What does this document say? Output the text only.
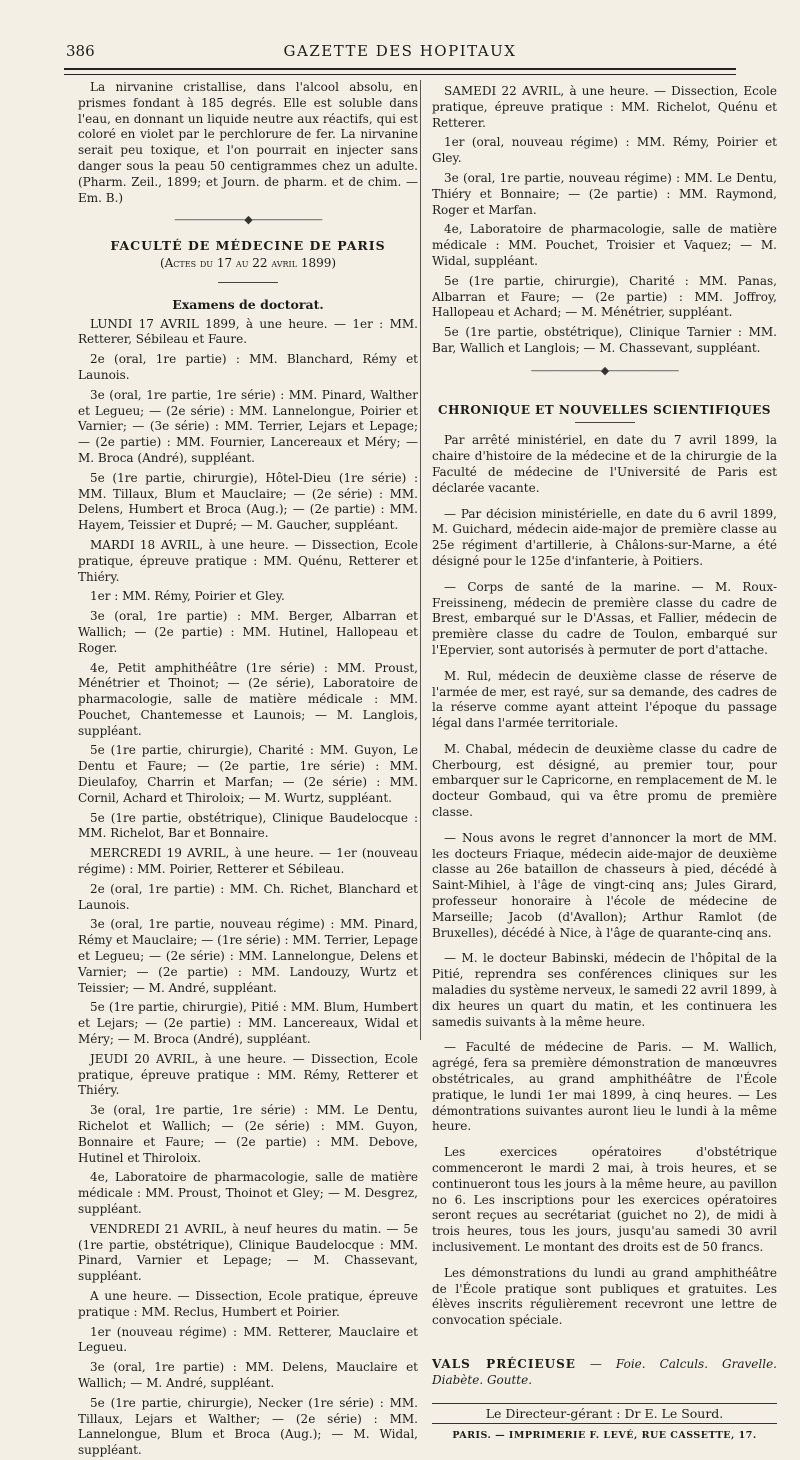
386	GAZETTE DES HOPITAUX

La nirvanine cristallise, dans l'alcool absolu, en prismes fondant à 185 degrés. Elle est soluble dans l'eau, en donnant un liquide neutre aux réactifs, qui est coloré en violet par le perchlorure de fer. La nirvanine serait peu toxique, et l'on pourrait en injecter sans danger sous la peau 50 centigrammes chez un adulte. (Pharm. Zeil., 1899; et Journ. de pharm. et de chim. — Em. B.)

———————◆———————
FACULTÉ DE MÉDECINE DE PARIS
(Actes du 17 au 22 avril 1899)
Examens de doctorat.

LUNDI 17 AVRIL 1899, à une heure. — 1er : MM. Retterer, Sébileau et Faure.

2e (oral, 1re partie) : MM. Blanchard, Rémy et Launois.

3e (oral, 1re partie, 1re série) : MM. Pinard, Walther et Legueu; — (2e série) : MM. Lannelongue, Poirier et Varnier; — (3e série) : MM. Terrier, Lejars et Lepage; — (2e partie) : MM. Fournier, Lancereaux et Méry; — M. Broca (André), suppléant.

5e (1re partie, chirurgie), Hôtel-Dieu (1re série) : MM. Tillaux, Blum et Mauclaire; — (2e série) : MM. Delens, Humbert et Broca (Aug.); — (2e partie) : MM. Hayem, Teissier et Dupré; — M. Gaucher, suppléant.

MARDI 18 AVRIL, à une heure. — Dissection, Ecole pratique, épreuve pratique : MM. Quénu, Retterer et Thiéry.

1er : MM. Rémy, Poirier et Gley.

3e (oral, 1re partie) : MM. Berger, Albarran et Wallich; — (2e partie) : MM. Hutinel, Hallopeau et Roger.

4e, Petit amphithéâtre (1re série) : MM. Proust, Ménétrier et Thoinot; — (2e série), Laboratoire de pharmacologie, salle de matière médicale : MM. Pouchet, Chantemesse et Launois; — M. Langlois, suppléant.

5e (1re partie, chirurgie), Charité : MM. Guyon, Le Dentu et Faure; — (2e partie, 1re série) : MM. Dieulafoy, Charrin et Marfan; — (2e série) : MM. Cornil, Achard et Thiroloix; — M. Wurtz, suppléant.

5e (1re partie, obstétrique), Clinique Baudelocque : MM. Richelot, Bar et Bonnaire.

MERCREDI 19 AVRIL, à une heure. — 1er (nouveau régime) : MM. Poirier, Retterer et Sébileau.

2e (oral, 1re partie) : MM. Ch. Richet, Blanchard et Launois.

3e (oral, 1re partie, nouveau régime) : MM. Pinard, Rémy et Mauclaire; — (1re série) : MM. Terrier, Lepage et Legueu; — (2e série) : MM. Lannelongue, Delens et Varnier; — (2e partie) : MM. Landouzy, Wurtz et Teissier; — M. André, suppléant.

5e (1re partie, chirurgie), Pitié : MM. Blum, Humbert et Lejars; — (2e partie) : MM. Lancereaux, Widal et Méry; — M. Broca (André), suppléant.

JEUDI 20 AVRIL, à une heure. — Dissection, Ecole pratique, épreuve pratique : MM. Rémy, Retterer et Thiéry.

3e (oral, 1re partie, 1re série) : MM. Le Dentu, Richelot et Wallich; — (2e série) : MM. Guyon, Bonnaire et Faure; — (2e partie) : MM. Debove, Hutinel et Thiroloix.

4e, Laboratoire de pharmacologie, salle de matière médicale : MM. Proust, Thoinot et Gley; — M. Desgrez, suppléant.

VENDREDI 21 AVRIL, à neuf heures du matin. — 5e (1re partie, obstétrique), Clinique Baudelocque : MM. Pinard, Varnier et Lepage; — M. Chassevant, suppléant.

A une heure. — Dissection, Ecole pratique, épreuve pratique : MM. Reclus, Humbert et Poirier.

1er (nouveau régime) : MM. Retterer, Mauclaire et Legueu.

3e (oral, 1re partie) : MM. Delens, Mauclaire et Wallich; — M. André, suppléant.

5e (1re partie, chirurgie), Necker (1re série) : MM. Tillaux, Lejars et Walther; — (2e série) : MM. Lannelongue, Blum et Broca (Aug.); — M. Widal, suppléant.

SAMEDI 22 AVRIL, à une heure. — Dissection, Ecole pratique, épreuve pratique : MM. Richelot, Quénu et Retterer.

1er (oral, nouveau régime) : MM. Rémy, Poirier et Gley.

3e (oral, 1re partie, nouveau régime) : MM. Le Dentu, Thiéry et Bonnaire; — (2e partie) : MM. Raymond, Roger et Marfan.

4e, Laboratoire de pharmacologie, salle de matière médicale : MM. Pouchet, Troisier et Vaquez; — M. Widal, suppléant.

5e (1re partie, chirurgie), Charité : MM. Panas, Albarran et Faure; — (2e partie) : MM. Joffroy, Hallopeau et Achard; — M. Ménétrier, suppléant.

5e (1re partie, obstétrique), Clinique Tarnier : MM. Bar, Wallich et Langlois; — M. Chassevant, suppléant.

———————◆———————
CHRONIQUE ET NOUVELLES SCIENTIFIQUES

Par arrêté ministériel, en date du 7 avril 1899, la chaire d'histoire de la médecine et de la chirurgie de la Faculté de médecine de l'Université de Paris est déclarée vacante.

— Par décision ministérielle, en date du 6 avril 1899, M. Guichard, médecin aide-major de première classe au 25e régiment d'artillerie, à Châlons-sur-Marne, a été désigné pour le 125e d'infanterie, à Poitiers.

— Corps de santé de la marine. — M. Roux-Freissineng, médecin de première classe du cadre de Brest, embarqué sur le D'Assas, et Fallier, médecin de première classe du cadre de Toulon, embarqué sur l'Epervier, sont autorisés à permuter de port d'attache.

M. Rul, médecin de deuxième classe de réserve de l'armée de mer, est rayé, sur sa demande, des cadres de la réserve comme ayant atteint l'époque du passage légal dans l'armée territoriale.

M. Chabal, médecin de deuxième classe du cadre de Cherbourg, est désigné, au premier tour, pour embarquer sur le Capricorne, en remplacement de M. le docteur Gombaud, qui va être promu de première classe.

— Nous avons le regret d'annoncer la mort de MM. les docteurs Friaque, médecin aide-major de deuxième classe au 26e bataillon de chasseurs à pied, décédé à Saint-Mihiel, à l'âge de vingt-cinq ans; Jules Girard, professeur honoraire à l'école de médecine de Marseille; Jacob (d'Avallon); Arthur Ramlot (de Bruxelles), décédé à Nice, à l'âge de quarante-cinq ans.

— M. le docteur Babinski, médecin de l'hôpital de la Pitié, reprendra ses conférences cliniques sur les maladies du système nerveux, le samedi 22 avril 1899, à dix heures un quart du matin, et les continuera les samedis suivants à la même heure.

— Faculté de médecine de Paris. — M. Wallich, agrégé, fera sa première démonstration de manœuvres obstétricales, au grand amphithéâtre de l'École pratique, le lundi 1er mai 1899, à cinq heures. — Les démontrations suivantes auront lieu le lundi à la même heure.

Les exercices opératoires d'obstétrique commenceront le mardi 2 mai, à trois heures, et se continueront tous les jours à la même heure, au pavillon no 6. Les inscriptions pour les exercices opératoires seront reçues au secrétariat (guichet no 2), de midi à trois heures, tous les jours, jusqu'au samedi 30 avril inclusivement. Le montant des droits est de 50 francs.

Les démonstrations du lundi au grand amphithéâtre de l'École pratique sont publiques et gratuites. Les élèves inscrits régulièrement recevront une lettre de convocation spéciale.

VALS PRÉCIEUSE — Foie. Calculs. Gravelle. Diabète. Goutte.
Le Directeur-gérant : Dr E. Le Sourd.
PARIS. — IMPRIMERIE F. LEVÉ, RUE CASSETTE, 17.
